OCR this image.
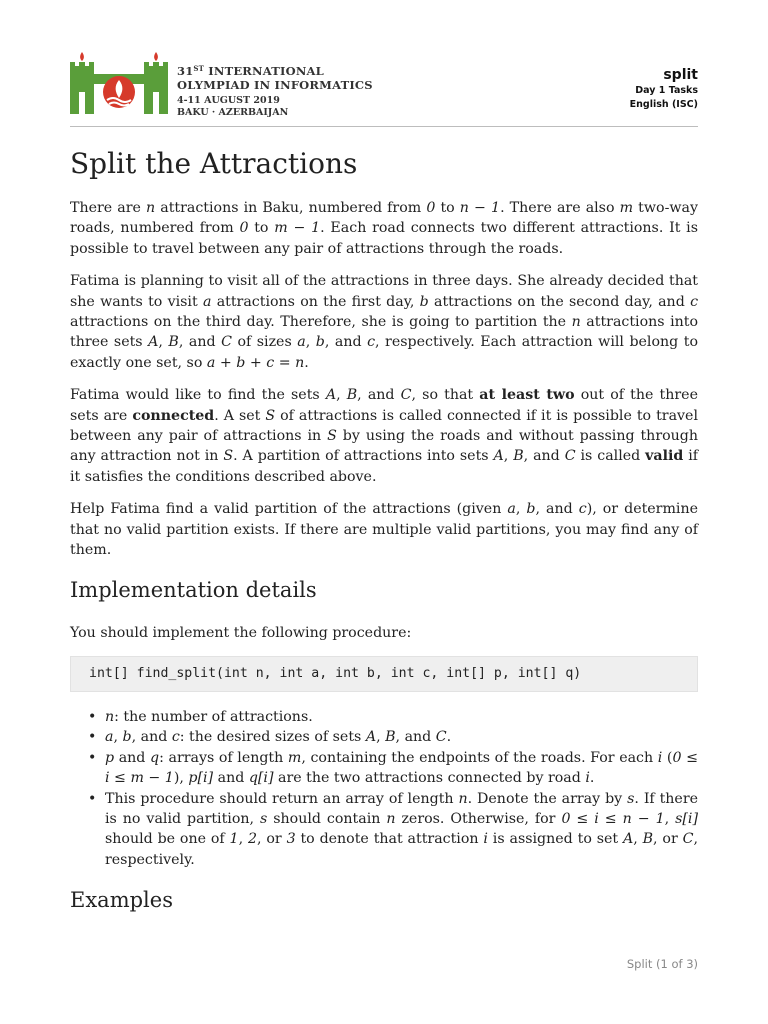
31ST INTERNATIONAL
OLYMPIAD IN INFORMATICS
4-11 AUGUST 2019
BAKU · AZERBAIJAN
split
Day 1 Tasks
English (ISC)
Split the Attractions

There are n attractions in Baku, numbered from 0 to n − 1. There are also m two-way roads, numbered from 0 to m − 1. Each road connects two different attractions. It is possible to travel between any pair of attractions through the roads.

Fatima is planning to visit all of the attractions in three days. She already decided that she wants to visit a attractions on the first day, b attractions on the second day, and c attractions on the third day. Therefore, she is going to partition the n attractions into three sets A, B, and C of sizes a, b, and c, respectively. Each attraction will belong to exactly one set, so a + b + c = n.

Fatima would like to find the sets A, B, and C, so that at least two out of the three sets are connected. A set S of attractions is called connected if it is possible to travel between any pair of attractions in S by using the roads and without passing through any attraction not in S. A partition of attractions into sets A, B, and C is called valid if it satisfies the conditions described above.

Help Fatima find a valid partition of the attractions (given a, b, and c), or determine that no valid partition exists. If there are multiple valid partitions, you may find any of them.

Implementation details
You should implement the following procedure:
int[] find_split(int n, int a, int b, int c, int[] p, int[] q)
• n: the number of attractions.
• a, b, and c: the desired sizes of sets A, B, and C.
• p and q: arrays of length m, containing the endpoints of the roads. For each i (0 ≤ i ≤ m − 1), p[i] and q[i] are the two attractions connected by road i.
• This procedure should return an array of length n. Denote the array by s. If there is no valid partition, s should contain n zeros. Otherwise, for 0 ≤ i ≤ n − 1, s[i] should be one of 1, 2, or 3 to denote that attraction i is assigned to set A, B, or C, respectively.
Examples
Split (1 of 3)
